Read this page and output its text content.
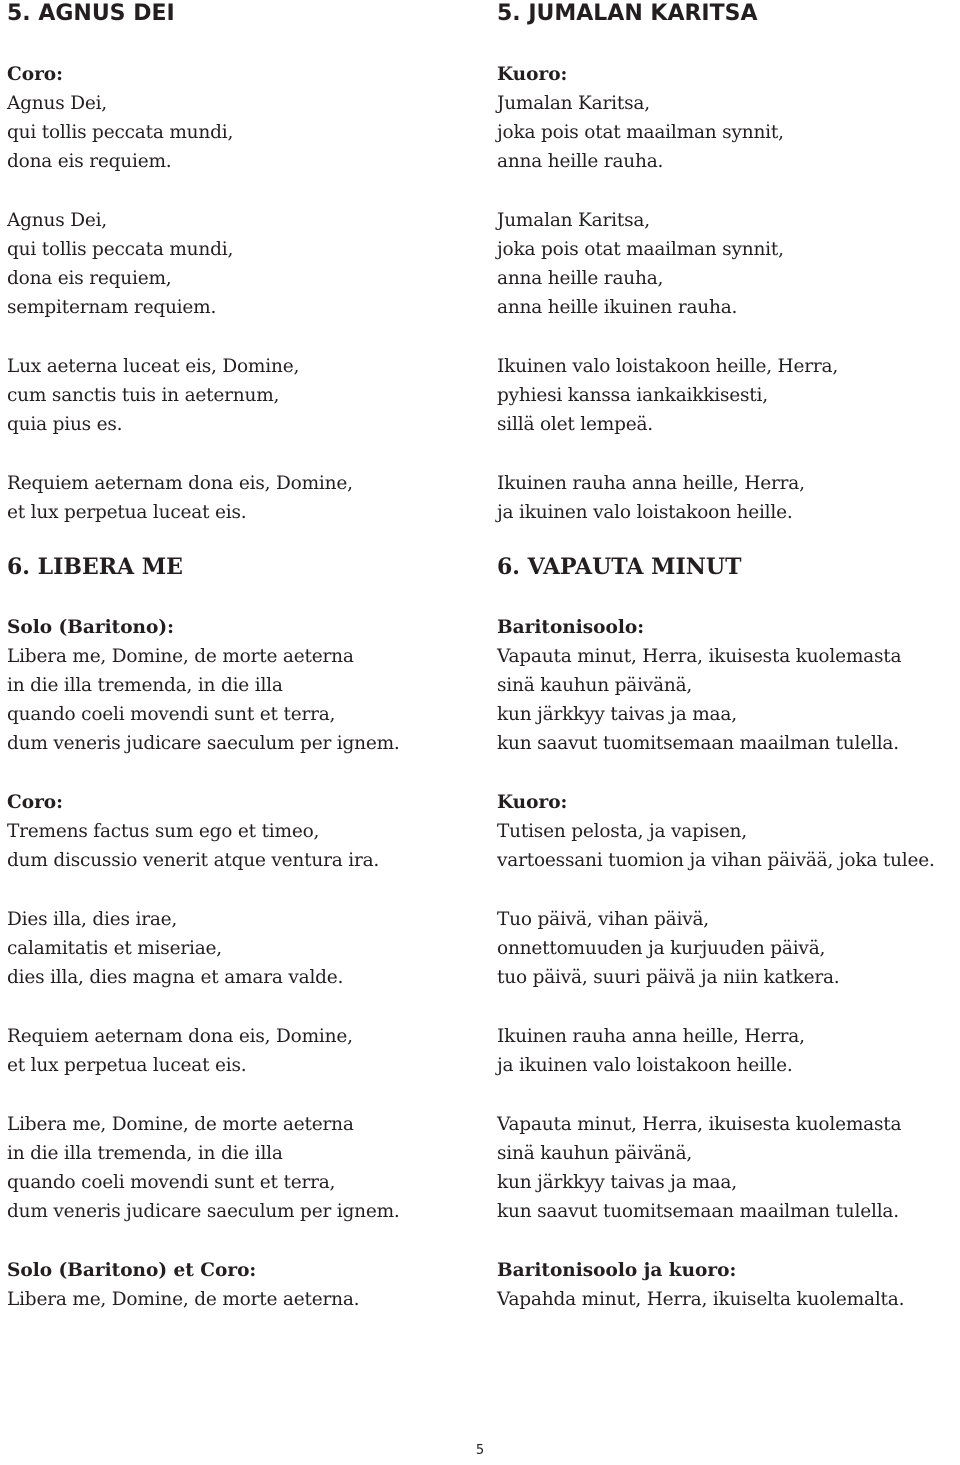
5. AGNUS DEI
Coro:
Agnus Dei,
qui tollis peccata mundi,
dona eis requiem.
Agnus Dei,
qui tollis peccata mundi,
dona eis requiem,
sempiternam requiem.
Lux aeterna luceat eis, Domine,
cum sanctis tuis in aeternum,
quia pius es.
Requiem aeternam dona eis, Domine,
et lux perpetua luceat eis.
6. LIBERA ME
Solo (Baritono):
Libera me, Domine, de morte aeterna
in die illa tremenda, in die illa
quando coeli movendi sunt et terra,
dum veneris judicare saeculum per ignem.
Coro:
Tremens factus sum ego et timeo,
dum discussio venerit atque ventura ira.
Dies illa, dies irae,
calamitatis et miseriae,
dies illa, dies magna et amara valde.
Requiem aeternam dona eis, Domine,
et lux perpetua luceat eis.
Libera me, Domine, de morte aeterna
in die illa tremenda, in die illa
quando coeli movendi sunt et terra,
dum veneris judicare saeculum per ignem.
Solo (Baritono) et Coro:
Libera me, Domine, de morte aeterna.
5. JUMALAN KARITSA
Kuoro:
Jumalan Karitsa,
joka pois otat maailman synnit,
anna heille rauha.
Jumalan Karitsa,
joka pois otat maailman synnit,
anna heille rauha,
anna heille ikuinen rauha.
Ikuinen valo loistakoon heille, Herra,
pyhiesi kanssa iankaikkisesti,
sillä olet lempeä.
Ikuinen rauha anna heille, Herra,
ja ikuinen valo loistakoon heille.
6. VAPAUTA MINUT
Baritonisoolo:
Vapauta minut, Herra, ikuisesta kuolemasta
sinä kauhun päivänä,
kun järkkyy taivas ja maa,
kun saavut tuomitsemaan maailman tulella.
Kuoro:
Tutisen pelosta, ja vapisen,
vartoessani tuomion ja vihan päivää, joka tulee.
Tuo päivä, vihan päivä,
onnettomuuden ja kurjuuden päivä,
tuo päivä, suuri päivä ja niin katkera.
Ikuinen rauha anna heille, Herra,
ja ikuinen valo loistakoon heille.
Vapauta minut, Herra, ikuisesta kuolemasta
sinä kauhun päivänä,
kun järkkyy taivas ja maa,
kun saavut tuomitsemaan maailman tulella.
Baritonisoolo ja kuoro:
Vapahda minut, Herra, ikuiselta kuolemalta.
5
